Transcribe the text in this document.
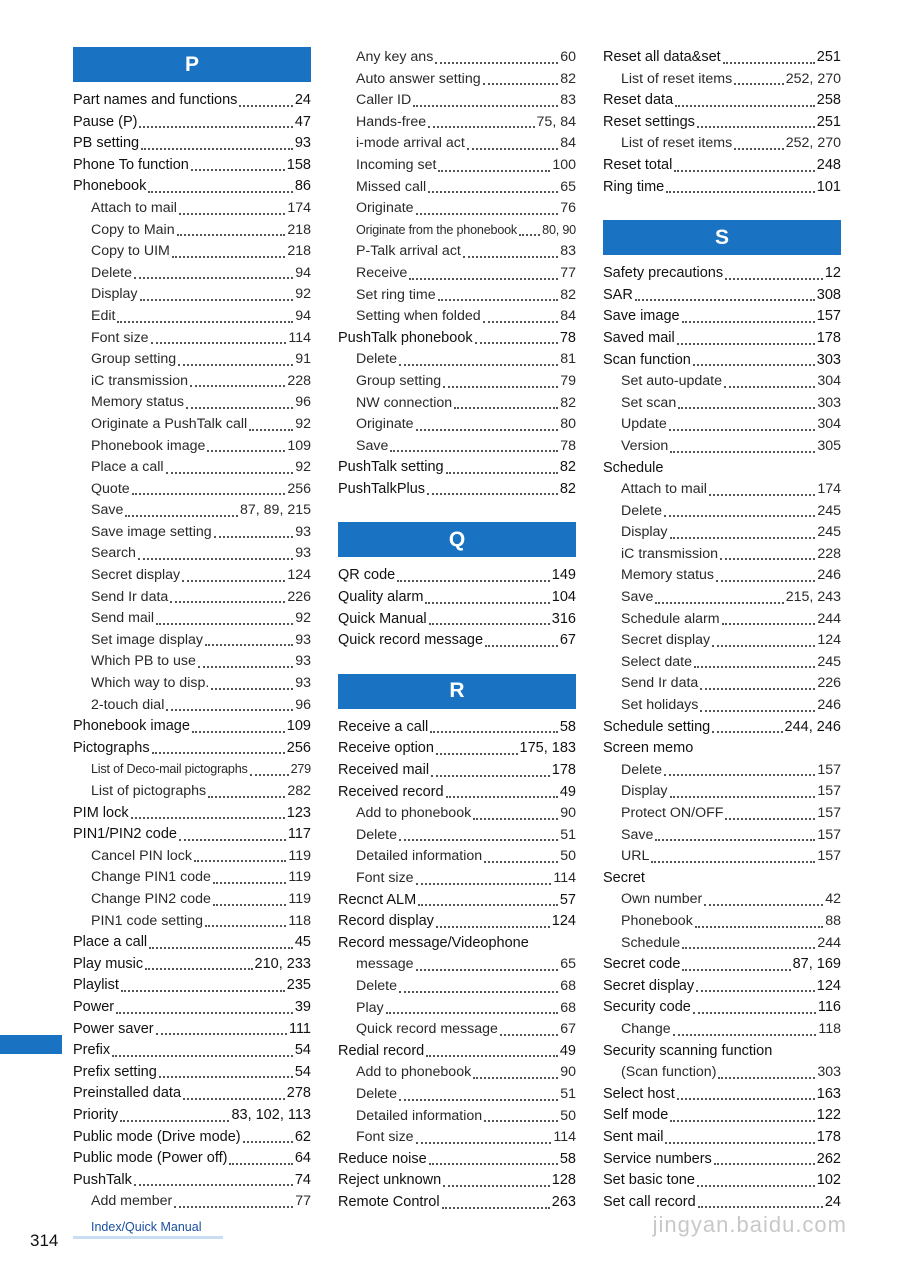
P
Part names and functions	24
Pause (P)	47
PB setting	93
Phone To function	158
Phonebook	86
Attach to mail	174
Copy to Main	218
Copy to UIM	218
Delete	94
Display	92
Edit	94
Font size	114
Group setting	91
iC transmission	228
Memory status	96
Originate a PushTalk call	92
Phonebook image	109
Place a call	92
Quote	256
Save	87, 89, 215
Save image setting	93
Search	93
Secret display	124
Send Ir data	226
Send mail	92
Set image display	93
Which PB to use	93
Which way to disp.	93
2-touch dial	96
Phonebook image	109
Pictographs	256
List of Deco-mail pictographs	279
List of pictographs	282
PIM lock	123
PIN1/PIN2 code	117
Cancel PIN lock	119
Change PIN1 code	119
Change PIN2 code	119
PIN1 code setting	118
Place a call	45
Play music	210, 233
Playlist	235
Power	39
Power saver	111
Prefix	54
Prefix setting	54
Preinstalled data	278
Priority	83, 102, 113
Public mode (Drive mode)	62
Public mode (Power off)	64
PushTalk	74
Add member	77
Any key ans	60
Auto answer setting	82
Caller ID	83
Hands-free	75, 84
i-mode arrival act	84
Incoming set	100
Missed call	65
Originate	76
Originate from the phonebook 80, 90
P-Talk arrival act	83
Receive	77
Set ring time	82
Setting when folded	84
PushTalk phonebook	78
Delete	81
Group setting	79
NW connection	82
Originate	80
Save	78
PushTalk setting	82
PushTalkPlus	82
Q
QR code	149
Quality alarm	104
Quick Manual	316
Quick record message	67
R
Receive a call	58
Receive option	175, 183
Received mail	178
Received record	49
Add to phonebook	90
Delete	51
Detailed information	50
Font size	114
Recnct ALM	57
Record display	124
Record message/Videophone
message	65
Delete	68
Play	68
Quick record message	67
Redial record	49
Add to phonebook	90
Delete	51
Detailed information	50
Font size	114
Reduce noise	58
Reject unknown	128
Remote Control	263
Reset all data&set	251
List of reset items	252, 270
Reset data	258
Reset settings	251
List of reset items	252, 270
Reset total	248
Ring time	101
S
Safety precautions	12
SAR	308
Save image	157
Saved mail	178
Scan function	303
Set auto-update	304
Set scan	303
Update	304
Version	305
Schedule
Attach to mail	174
Delete	245
Display	245
iC transmission	228
Memory status	246
Save	215, 243
Schedule alarm	244
Secret display	124
Select date	245
Send Ir data	226
Set holidays	246
Schedule setting	244, 246
Screen memo
Delete	157
Display	157
Protect ON/OFF	157
Save	157
URL	157
Secret
Own number	42
Phonebook	88
Schedule	244
Secret code	87, 169
Secret display	124
Security code	116
Change	118
Security scanning function
(Scan function)	303
Select host	163
Self mode	122
Sent mail	178
Service numbers	262
Set basic tone	102
Set call record	24
314
Index/Quick Manual	jingyan.baidu.com
